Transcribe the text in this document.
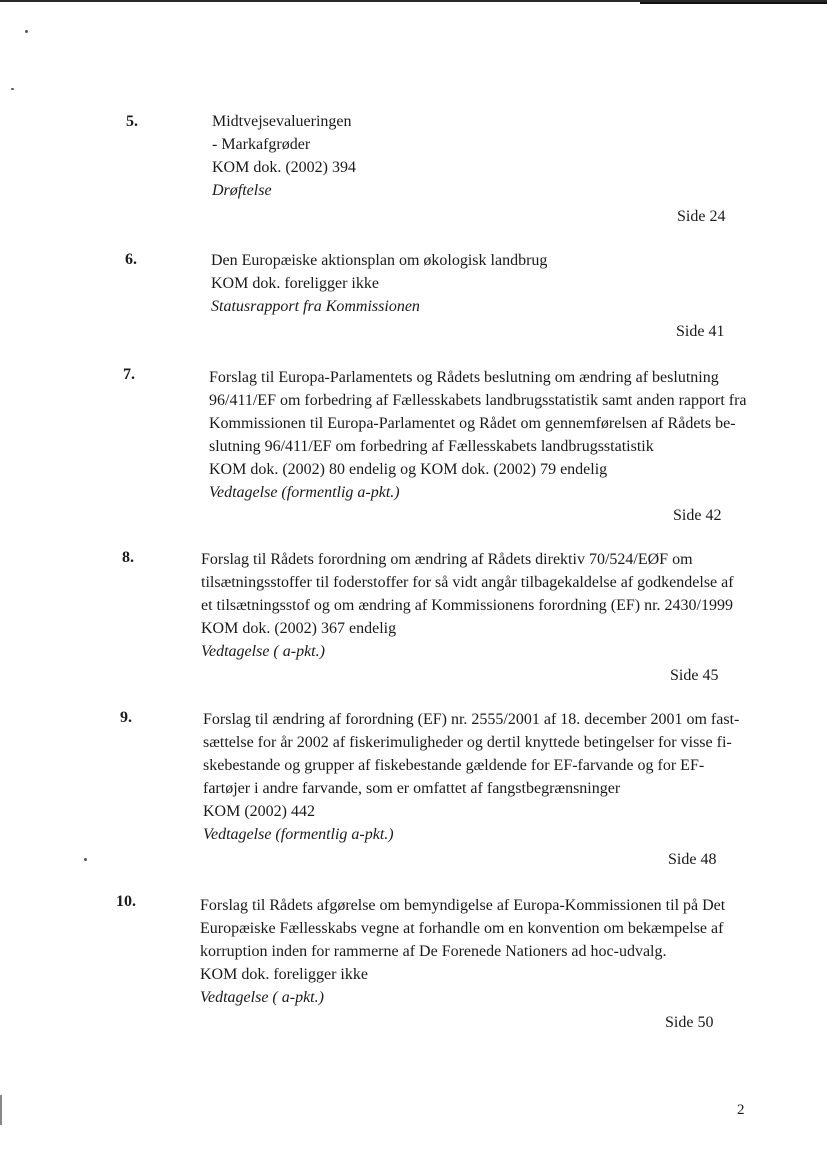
5.	Midtvejsevalueringen
- Markafgrøder
KOM dok. (2002) 394
Drøftelse
Side 24
6.	Den Europæiske aktionsplan om økologisk landbrug
KOM dok. foreligger ikke
Statusrapport fra Kommissionen
Side 41
7.	Forslag til Europa-Parlamentets og Rådets beslutning om ændring af beslutning
96/411/EF om forbedring af Fællesskabets landbrugsstatistik samt anden rapport fra
Kommissionen til Europa-Parlamentet og Rådet om gennemførelsen af Rådets be-
slutning 96/411/EF om forbedring af Fællesskabets landbrugsstatistik
KOM dok. (2002) 80 endelig og KOM dok. (2002) 79 endelig
Vedtagelse (formentlig a-pkt.)
Side 42
8.	Forslag til Rådets forordning om ændring af Rådets direktiv 70/524/EØF om
tilsætningsstoffer til foderstoffer for så vidt angår tilbagekaldelse af godkendelse af
et tilsætningsstof og om ændring af Kommissionens forordning (EF) nr. 2430/1999
KOM dok. (2002) 367 endelig
Vedtagelse ( a-pkt.)
Side 45
9.	Forslag til ændring af forordning (EF) nr. 2555/2001 af 18. december 2001 om fast-
sættelse for år 2002 af fiskerimuligheder og dertil knyttede betingelser for visse fi-
skebestande og grupper af fiskebestande gældende for EF-farvande og for EF-
fartøjer i andre farvande, som er omfattet af fangstbegrænsninger
KOM (2002) 442
Vedtagelse (formentlig a-pkt.)
Side 48
10.	Forslag til Rådets afgørelse om bemyndigelse af Europa-Kommissionen til på Det
Europæiske Fællesskabs vegne at forhandle om en konvention om bekæmpelse af
korruption inden for rammerne af De Forenede Nationers ad hoc-udvalg.
KOM dok. foreligger ikke
Vedtagelse ( a-pkt.)
Side 50
2
